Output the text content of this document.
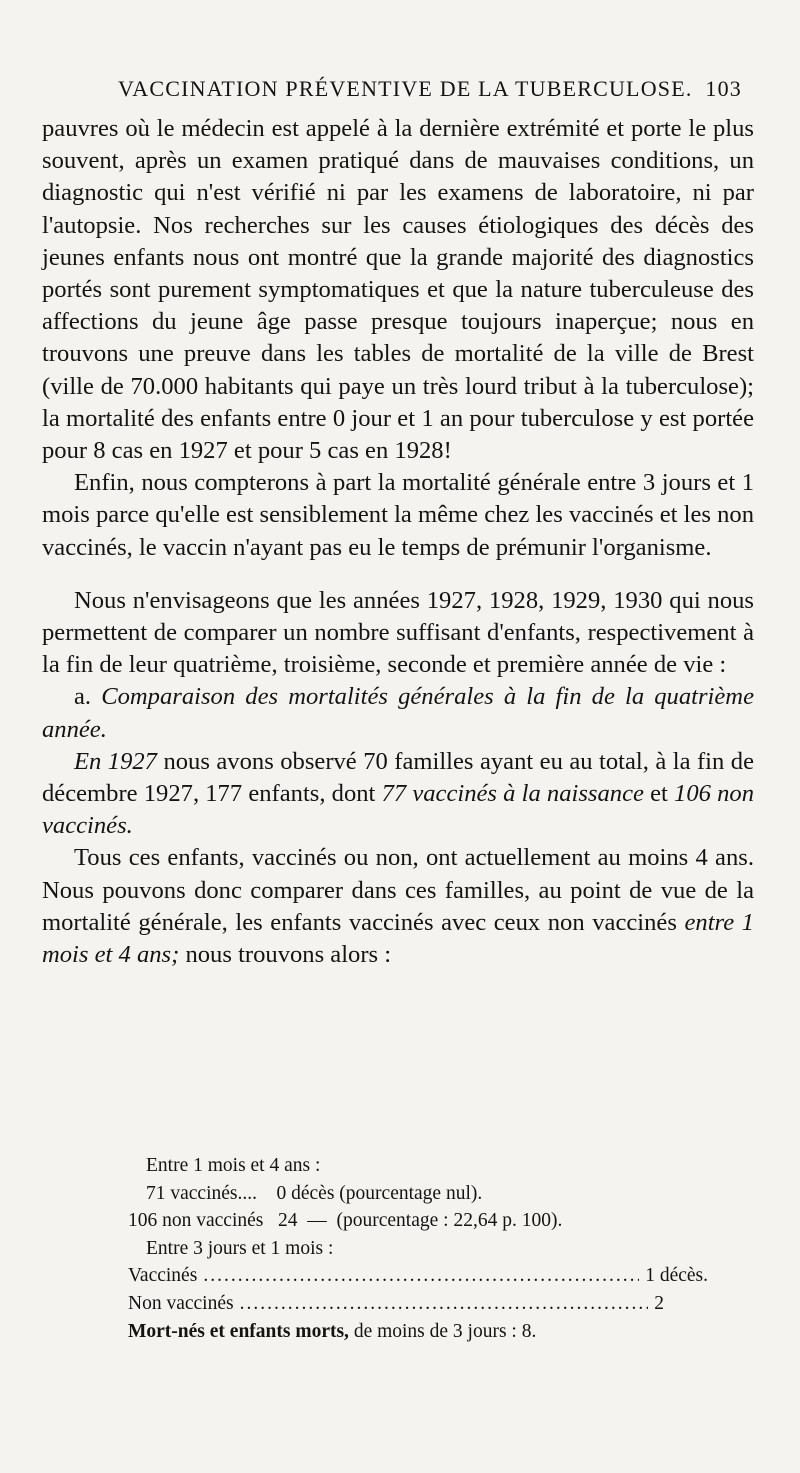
VACCINATION PRÉVENTIVE DE LA TUBERCULOSE. 103

pauvres où le médecin est appelé à la dernière extrémité et porte le plus souvent, après un examen pratiqué dans de mauvaises conditions, un diagnostic qui n'est vérifié ni par les examens de laboratoire, ni par l'autopsie. Nos recherches sur les causes étiologiques des décès des jeunes enfants nous ont montré que la grande majorité des diagnostics portés sont purement symptomatiques et que la nature tuberculeuse des affections du jeune âge passe presque toujours inaperçue; nous en trouvons une preuve dans les tables de mortalité de la ville de Brest (ville de 70.000 habitants qui paye un très lourd tribut à la tuberculose); la mortalité des enfants entre 0 jour et 1 an pour tuberculose y est portée pour 8 cas en 1927 et pour 5 cas en 1928!

Enfin, nous compterons à part la mortalité générale entre 3 jours et 1 mois parce qu'elle est sensiblement la même chez les vaccinés et les non vaccinés, le vaccin n'ayant pas eu le temps de prémunir l'organisme.

Nous n'envisageons que les années 1927, 1928, 1929, 1930 qui nous permettent de comparer un nombre suffisant d'enfants, respectivement à la fin de leur quatrième, troisième, seconde et première année de vie :

a. Comparaison des mortalités générales à la fin de la quatrième année.

En 1927 nous avons observé 70 familles ayant eu au total, à la fin de décembre 1927, 177 enfants, dont 77 vaccinés à la naissance et 106 non vaccinés.

Tous ces enfants, vaccinés ou non, ont actuellement au moins 4 ans. Nous pouvons donc comparer dans ces familles, au point de vue de la mortalité générale, les enfants vaccinés avec ceux non vaccinés entre 1 mois et 4 ans; nous trouvons alors :

Entre 1 mois et 4 ans :
71 vaccinés....    0 décès (pourcentage nul).
106 non vaccinés   24  —  (pourcentage : 22,64 p. 100).
Entre 3 jours et 1 mois :
Vaccinés .....	1 décès.
Non vaccinés .....	2
Mort-nés et enfants morts, de moins de 3 jours : 8.
